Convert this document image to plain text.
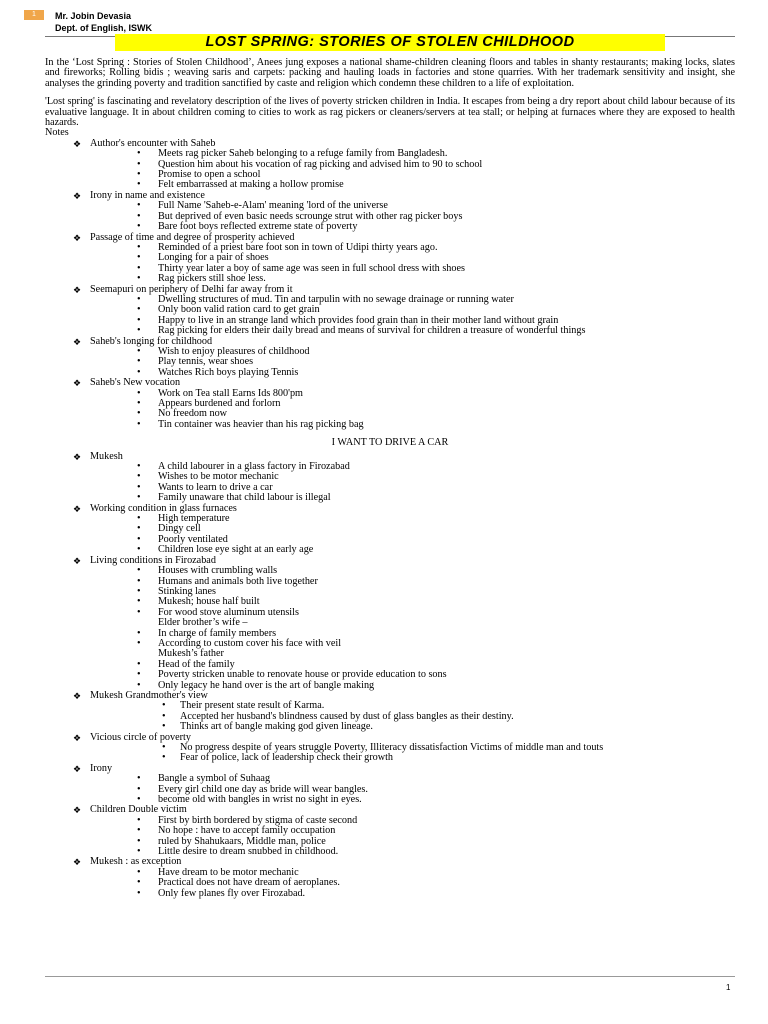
1	Mr. Jobin Devasia
Dept. of English, ISWK
LOST SPRING: STORIES OF STOLEN CHILDHOOD

In the ‘Lost Spring : Stories of Stolen Childhood’, Anees jung exposes a national shame-children cleaning floors and tables in shanty restaurants; making locks, slates and fireworks; Rolling bidis ; weaving saris and carpets: packing and hauling loads in factories and stone quarries. With her trademark sensitivity and insight, she analyses the grinding poverty and tradition sanctified by caste and religion which condemn these children to a life of exploitation.

'Lost spring' is fascinating and revelatory description of the lives of poverty stricken children in India. It escapes from being a dry report about child labour because of its evaluative language. It in about children coming to cities to work as rag pickers or cleaners/servers at tea stall; or helping at furnaces where they are exposed to health hazards.

Notes
❖ Author's encounter with Saheb
• Meets rag picker Saheb belonging to a refuge family from Bangladesh.
• Question him about his vocation of rag picking and advised him to 90 to school
• Promise to open a school
• Felt embarrassed at making a hollow promise
❖ Irony in name and existence
• Full Name 'Saheb-e-Alam' meaning 'lord of the universe
• But deprived of even basic needs scrounge strut with other rag picker boys
• Bare foot boys reflected extreme state of poverty
❖ Passage of time and degree of prosperity achieved
• Reminded of a priest bare foot son in town of Udipi thirty years ago.
• Longing for a pair of shoes
• Thirty year later a boy of same age was seen in full school dress with shoes
• Rag pickers still shoe less.
❖ Seemapuri on periphery of Delhi far away from it
• Dwelling structures of mud. Tin and tarpulin with no sewage drainage or running water
• Only boon valid ration card to get grain
• Happy to live in an strange land which provides food grain than in their mother land without grain
• Rag picking for elders their daily bread and means of survival for children a treasure of wonderful things
❖ Saheb's longing for childhood
• Wish to enjoy pleasures of childhood
• Play tennis, wear shoes
• Watches Rich boys playing Tennis
❖ Saheb's New vocation
• Work on Tea stall Earns Ids 800'pm
• Appears burdened and forlorn
• No freedom now
• Tin container was heavier than his rag picking bag
I WANT TO DRIVE A CAR
❖ Mukesh
• A child labourer in a glass factory in Firozabad
• Wishes to be motor mechanic
• Wants to learn to drive a car
• Family unaware that child labour is illegal
❖ Working condition in glass furnaces
• High temperature
• Dingy cell
• Poorly ventilated
• Children lose eye sight at an early age
❖ Living conditions in Firozabad
• Houses with crumbling walls
• Humans and animals both live together
• Stinking lanes
• Mukesh; house half built
• For wood stove aluminum utensils
Elder brother’s wife –
• In charge of family members
• According to custom cover his face with veil
Mukesh’s father
• Head of the family
• Poverty stricken unable to renovate house or provide education to sons
• Only legacy he hand over is the art of bangle making
❖ Mukesh Grandmother's view
• Their present state result of Karma.
• Accepted her husband's blindness caused by dust of glass bangles as their destiny.
• Thinks art of bangle making god given lineage.
❖ Vicious circle of poverty
• No progress despite of years struggle Poverty, Illiteracy dissatisfaction Victims of middle man and touts
• Fear of police, lack of leadership check their growth
❖ Irony
• Bangle a symbol of Suhaag
• Every girl child one day as bride will wear bangles.
• become old with bangles in wrist no sight in eyes.
❖ Children Double victim
• First by birth bordered by stigma of caste second
• No hope : have to accept family occupation
• ruled by Shahukaars, Middle man, police
• Little desire to dream snubbed in childhood.
❖ Mukesh : as exception
• Have dream to be motor mechanic
• Practical does not have dream of aeroplanes.
• Only few planes fly over Firozabad.
1
